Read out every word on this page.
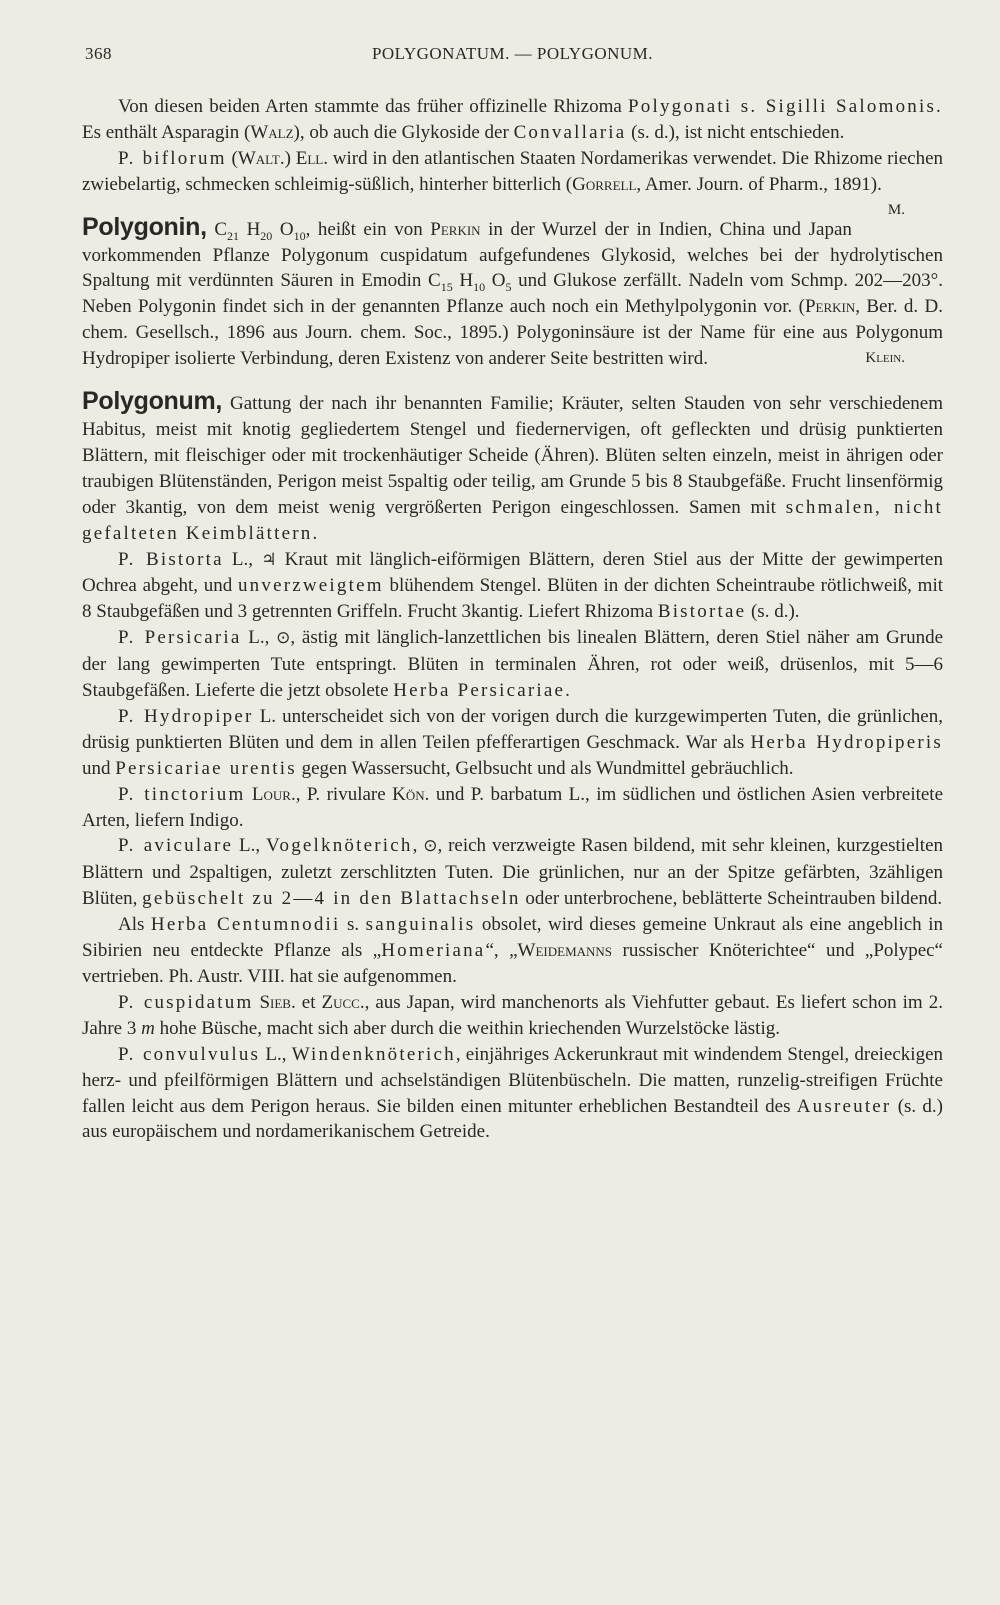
368	POLYGONATUM. — POLYGONUM.

Von diesen beiden Arten stammte das früher offizinelle Rhizoma Polygonati s. Sigilli Salomonis. Es enthält Asparagin (Walz), ob auch die Glykoside der Convallaria (s. d.), ist nicht entschieden.

P. biflorum (Walt.) Ell. wird in den atlantischen Staaten Nordamerikas verwendet. Die Rhizome riechen zwiebelartig, schmecken schleimig-süßlich, hinterher bitterlich (Gorrell, Amer. Journ. of Pharm., 1891).
M.

Polygonin, $C_{21}$ $H_{20}$ $O_{10}$, heißt ein von Perkin in der Wurzel der in Indien, China und Japan vorkommenden Pflanze Polygonum cuspidatum aufgefundenes Glykosid, welches bei der hydrolytischen Spaltung mit verdünnten Säuren in Emodin $C_{15}$ $H_{10}$ $O_5$ und Glukose zerfällt. Nadeln vom Schmp. 202—203°. Neben Polygonin findet sich in der genannten Pflanze auch noch ein Methylpolygonin vor. (Perkin, Ber. d. D. chem. Gesellsch., 1896 aus Journ. chem. Soc., 1895.) Polygoninsäure ist der Name für eine aus Polygonum Hydropiper isolierte Verbindung, deren Existenz von anderer Seite bestritten wird.	Klein.

Polygonum, Gattung der nach ihr benannten Familie; Kräuter, selten Stauden von sehr verschiedenem Habitus, meist mit knotig gegliedertem Stengel und fiedernervigen, oft gefleckten und drüsig punktierten Blättern, mit fleischiger oder mit trockenhäutiger Scheide (Ähren). Blüten selten einzeln, meist in ährigen oder traubigen Blütenständen, Perigon meist 5spaltig oder teilig, am Grunde 5 bis 8 Staubgefäße. Frucht linsenförmig oder 3kantig, von dem meist wenig vergrößerten Perigon eingeschlossen. Samen mit schmalen, nicht gefalteten Keimblättern.

P. Bistorta L., ♃ Kraut mit länglich-eiförmigen Blättern, deren Stiel aus der Mitte der gewimperten Ochrea abgeht, und unverzweigtem blühendem Stengel. Blüten in der dichten Scheintraube rötlichweiß, mit 8 Staubgefäßen und 3 getrennten Griffeln. Frucht 3kantig. Liefert Rhizoma Bistortae (s. d.).

P. Persicaria L., ⊙, ästig mit länglich-lanzettlichen bis linealen Blättern, deren Stiel näher am Grunde der lang gewimperten Tute entspringt. Blüten in terminalen Ähren, rot oder weiß, drüsenlos, mit 5—6 Staubgefäßen. Lieferte die jetzt obsolete Herba Persicariae.

P. Hydropiper L. unterscheidet sich von der vorigen durch die kurzgewimperten Tuten, die grünlichen, drüsig punktierten Blüten und dem in allen Teilen pfefferartigen Geschmack. War als Herba Hydropiperis und Persicariae urentis gegen Wassersucht, Gelbsucht und als Wundmittel gebräuchlich.

P. tinctorium Lour., P. rivulare Kön. und P. barbatum L., im südlichen und östlichen Asien verbreitete Arten, liefern Indigo.

P. aviculare L., Vogelknöterich, ⊙, reich verzweigte Rasen bildend, mit sehr kleinen, kurzgestielten Blättern und 2spaltigen, zuletzt zerschlitzten Tuten. Die grünlichen, nur an der Spitze gefärbten, 3zähligen Blüten, gebüschelt zu 2—4 in den Blattachseln oder unterbrochene, beblätterte Scheintrauben bildend.

Als Herba Centumnodii s. sanguinalis obsolet, wird dieses gemeine Unkraut als eine angeblich in Sibirien neu entdeckte Pflanze als „Homeriana“, „Weidemanns russischer Knöterichtee“ und „Polypec“ vertrieben. Ph. Austr. VIII. hat sie aufgenommen.

P. cuspidatum Sieb. et Zucc., aus Japan, wird manchenorts als Viehfutter gebaut. Es liefert schon im 2. Jahre 3 m hohe Büsche, macht sich aber durch die weithin kriechenden Wurzelstöcke lästig.

P. convulvulus L., Windenknöterich, einjähriges Ackerunkraut mit windendem Stengel, dreieckigen herz- und pfeilförmigen Blättern und achselständigen Blütenbüscheln. Die matten, runzelig-streifigen Früchte fallen leicht aus dem Perigon heraus. Sie bilden einen mitunter erheblichen Bestandteil des Ausreuter (s. d.) aus europäischem und nordamerikanischem Getreide.
